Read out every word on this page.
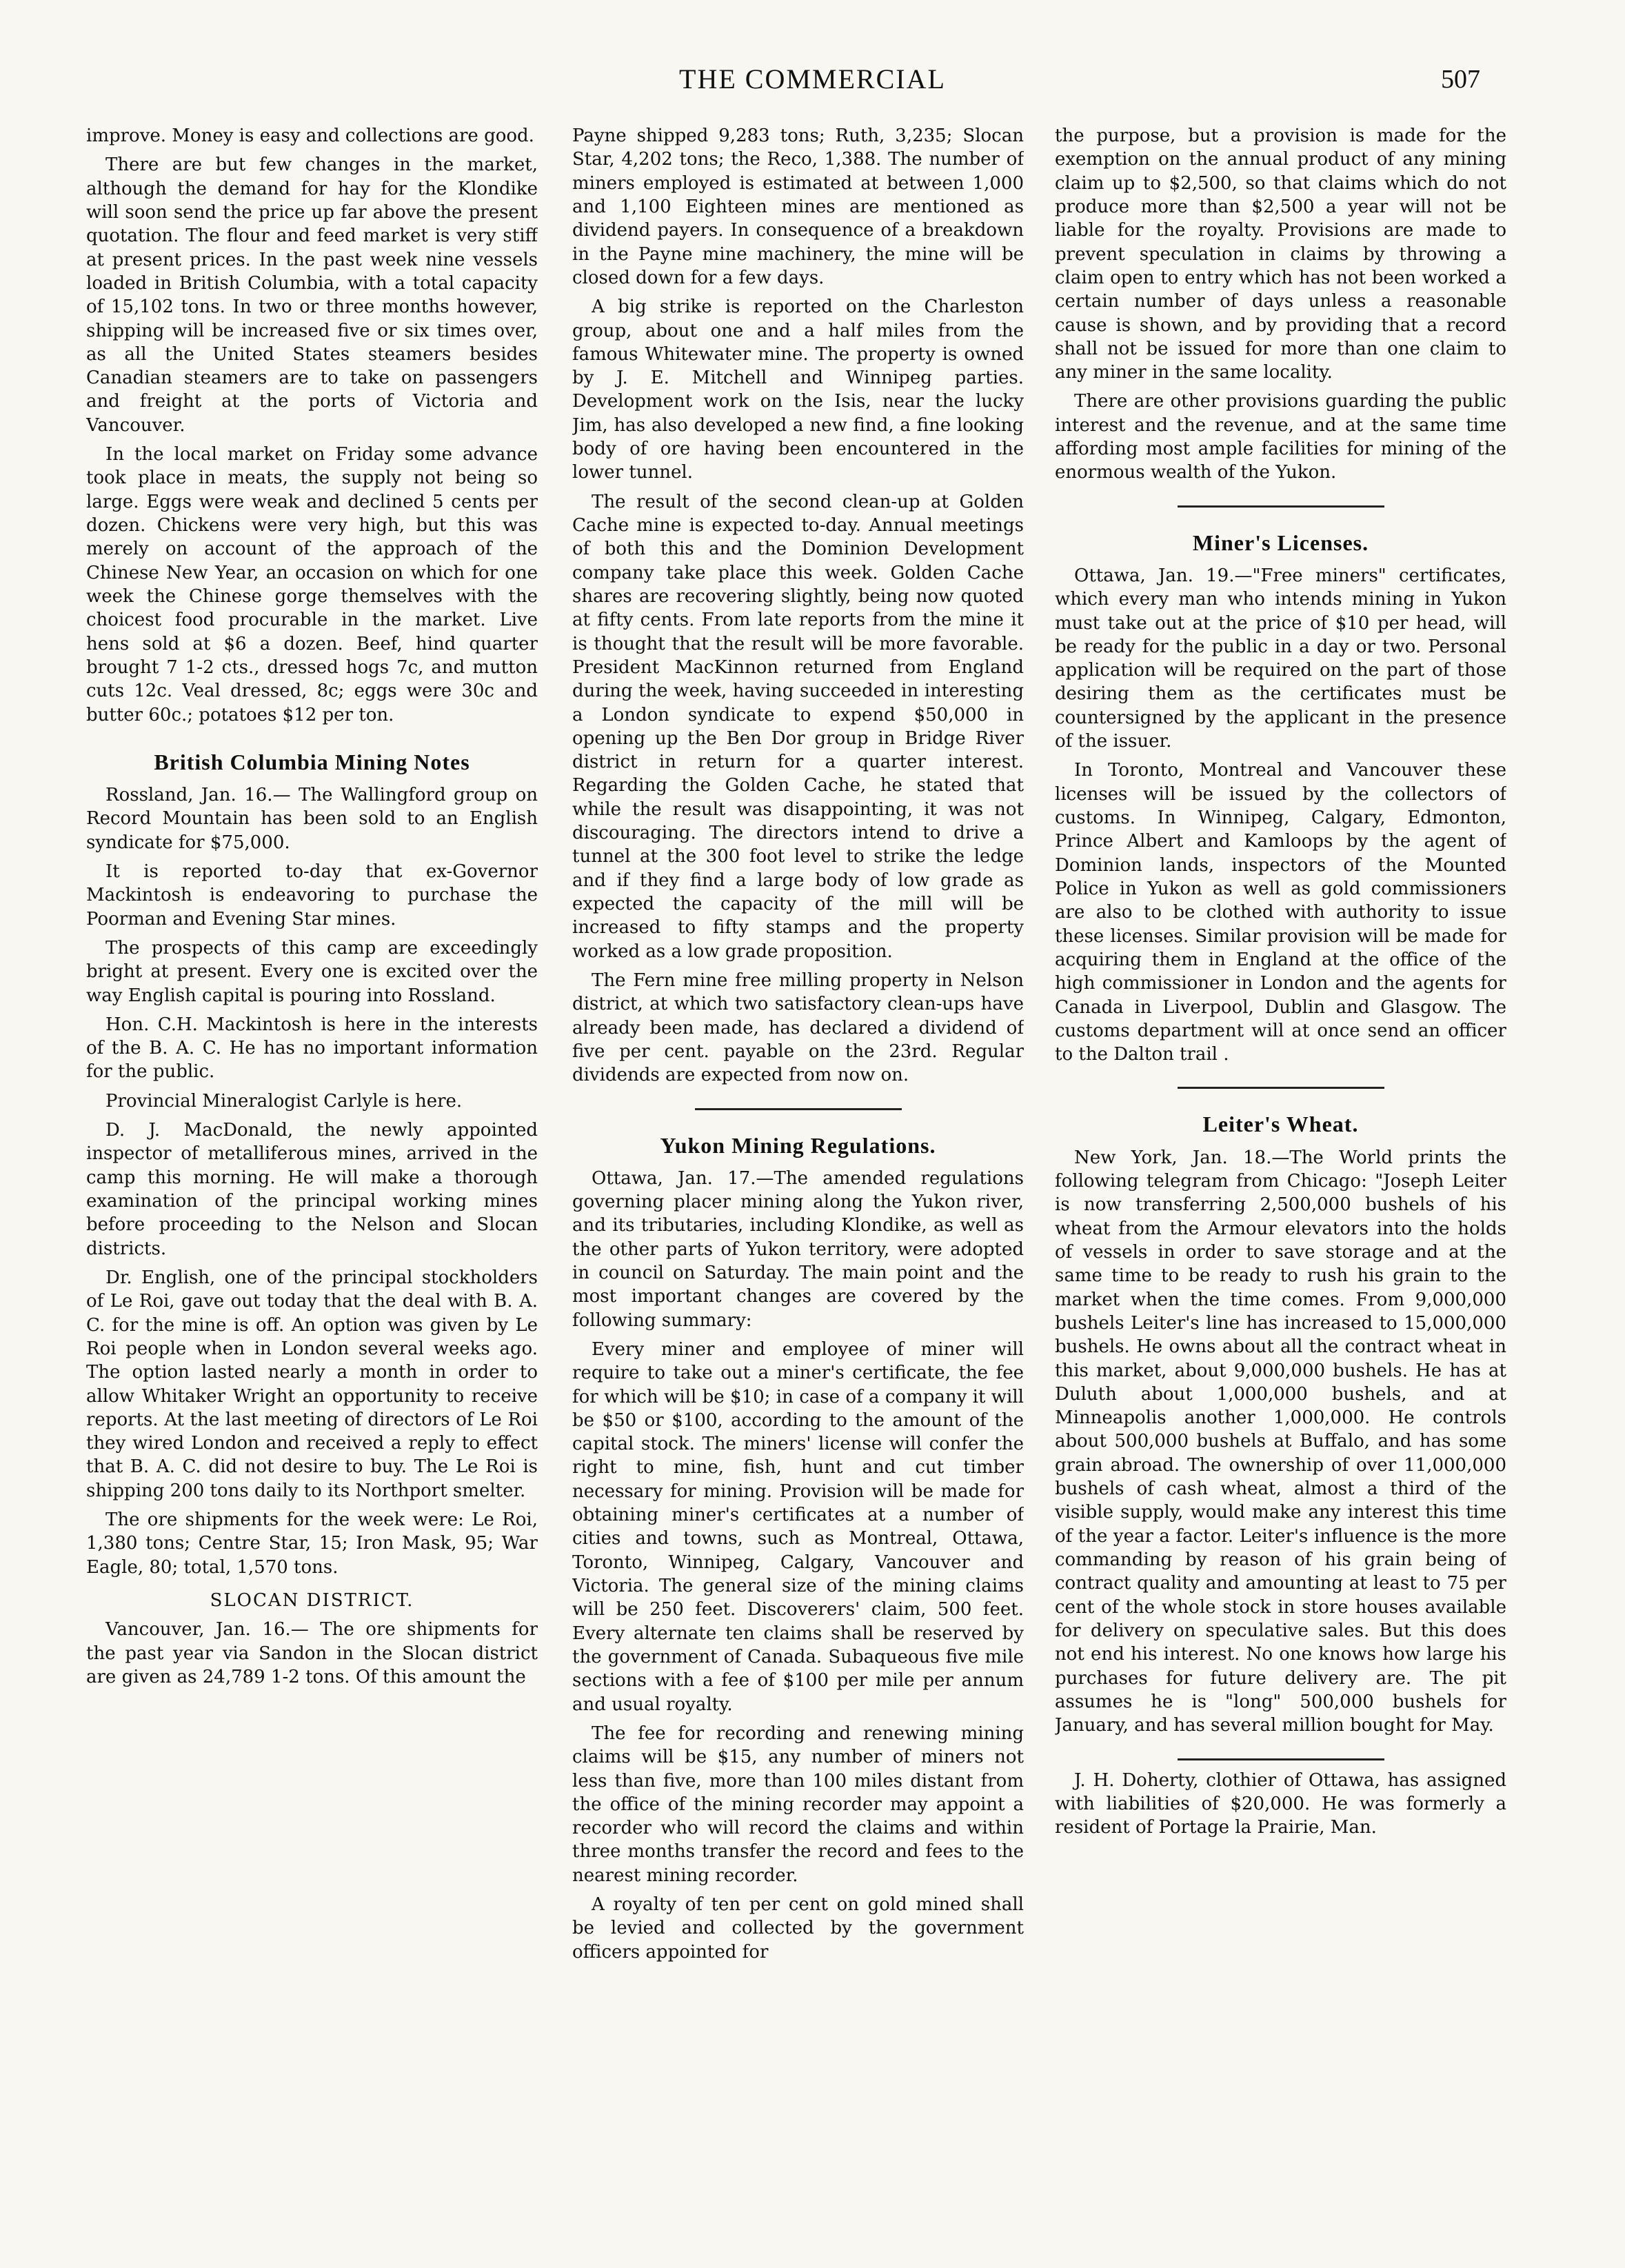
THE COMMERCIAL	507

improve. Money is easy and collections are good.

There are but few changes in the market, although the demand for hay for the Klondike will soon send the price up far above the present quotation. The flour and feed market is very stiff at present prices. In the past week nine vessels loaded in British Columbia, with a total capacity of 15,102 tons. In two or three months however, shipping will be increased five or six times over, as all the United States steamers besides Canadian steamers are to take on passengers and freight at the ports of Victoria and Vancouver.

In the local market on Friday some advance took place in meats, the supply not being so large. Eggs were weak and declined 5 cents per dozen. Chickens were very high, but this was merely on account of the approach of the Chinese New Year, an occasion on which for one week the Chinese gorge themselves with the choicest food procurable in the market. Live hens sold at $6 a dozen. Beef, hind quarter brought 7 1-2 cts., dressed hogs 7c, and mutton cuts 12c. Veal dressed, 8c; eggs were 30c and butter 60c.; potatoes $12 per ton.

British Columbia Mining Notes

Rossland, Jan. 16.— The Wallingford group on Record Mountain has been sold to an English syndicate for $75,000.

It is reported to-day that ex-Governor Mackintosh is endeavoring to purchase the Poorman and Evening Star mines.

The prospects of this camp are exceedingly bright at present. Every one is excited over the way English capital is pouring into Rossland.

Hon. C.H. Mackintosh is here in the interests of the B. A. C. He has no important information for the public.

Provincial Mineralogist Carlyle is here.

D. J. MacDonald, the newly appointed inspector of metalliferous mines, arrived in the camp this morning. He will make a thorough examination of the principal working mines before proceeding to the Nelson and Slocan districts.

Dr. English, one of the principal stockholders of Le Roi, gave out today that the deal with B. A. C. for the mine is off. An option was given by Le Roi people when in London several weeks ago. The option lasted nearly a month in order to allow Whitaker Wright an opportunity to receive reports. At the last meeting of directors of Le Roi they wired London and received a reply to effect that B. A. C. did not desire to buy. The Le Roi is shipping 200 tons daily to its Northport smelter.

The ore shipments for the week were: Le Roi, 1,380 tons; Centre Star, 15; Iron Mask, 95; War Eagle, 80; total, 1,570 tons.

SLOCAN DISTRICT.

Vancouver, Jan. 16.— The ore shipments for the past year via Sandon in the Slocan district are given as 24,789 1-2 tons. Of this amount the

Payne shipped 9,283 tons; Ruth, 3,235; Slocan Star, 4,202 tons; the Reco, 1,388. The number of miners employed is estimated at between 1,000 and 1,100 Eighteen mines are mentioned as dividend payers. In consequence of a breakdown in the Payne mine machinery, the mine will be closed down for a few days.

A big strike is reported on the Charleston group, about one and a half miles from the famous Whitewater mine. The property is owned by J. E. Mitchell and Winnipeg parties. Development work on the Isis, near the lucky Jim, has also developed a new find, a fine looking body of ore having been encountered in the lower tunnel.

The result of the second clean-up at Golden Cache mine is expected to-day. Annual meetings of both this and the Dominion Development company take place this week. Golden Cache shares are recovering slightly, being now quoted at fifty cents. From late reports from the mine it is thought that the result will be more favorable. President MacKinnon returned from England during the week, having succeeded in interesting a London syndicate to expend $50,000 in opening up the Ben Dor group in Bridge River district in return for a quarter interest. Regarding the Golden Cache, he stated that while the result was disappointing, it was not discouraging. The directors intend to drive a tunnel at the 300 foot level to strike the ledge and if they find a large body of low grade as expected the capacity of the mill will be increased to fifty stamps and the property worked as a low grade proposition.

The Fern mine free milling property in Nelson district, at which two satisfactory clean-ups have already been made, has declared a dividend of five per cent. payable on the 23rd. Regular dividends are expected from now on.

Yukon Mining Regulations.

Ottawa, Jan. 17.—The amended regulations governing placer mining along the Yukon river, and its tributaries, including Klondike, as well as the other parts of Yukon territory, were adopted in council on Saturday. The main point and the most important changes are covered by the following summary:

Every miner and employee of miner will require to take out a miner's certificate, the fee for which will be $10; in case of a company it will be $50 or $100, according to the amount of the capital stock. The miners' license will confer the right to mine, fish, hunt and cut timber necessary for mining. Provision will be made for obtaining miner's certificates at a number of cities and towns, such as Montreal, Ottawa, Toronto, Winnipeg, Calgary, Vancouver and Victoria. The general size of the mining claims will be 250 feet. Discoverers' claim, 500 feet. Every alternate ten claims shall be reserved by the government of Canada. Subaqueous five mile sections with a fee of $100 per mile per annum and usual royalty.

The fee for recording and renewing mining claims will be $15, any number of miners not less than five, more than 100 miles distant from the office of the mining recorder may appoint a recorder who will record the claims and within three months transfer the record and fees to the nearest mining recorder.

A royalty of ten per cent on gold mined shall be levied and collected by the government officers appointed for

the purpose, but a provision is made for the exemption on the annual product of any mining claim up to $2,500, so that claims which do not produce more than $2,500 a year will not be liable for the royalty. Provisions are made to prevent speculation in claims by throwing a claim open to entry which has not been worked a certain number of days unless a reasonable cause is shown, and by providing that a record shall not be issued for more than one claim to any miner in the same locality.

There are other provisions guarding the public interest and the revenue, and at the same time affording most ample facilities for mining of the enormous wealth of the Yukon.

Miner's Licenses.

Ottawa, Jan. 19.—"Free miners" certificates, which every man who intends mining in Yukon must take out at the price of $10 per head, will be ready for the public in a day or two. Personal application will be required on the part of those desiring them as the certificates must be countersigned by the applicant in the presence of the issuer.

In Toronto, Montreal and Vancouver these licenses will be issued by the collectors of customs. In Winnipeg, Calgary, Edmonton, Prince Albert and Kamloops by the agent of Dominion lands, inspectors of the Mounted Police in Yukon as well as gold commissioners are also to be clothed with authority to issue these licenses. Similar provision will be made for acquiring them in England at the office of the high commissioner in London and the agents for Canada in Liverpool, Dublin and Glasgow. The customs department will at once send an officer to the Dalton trail .

Leiter's Wheat.

New York, Jan. 18.—The World prints the following telegram from Chicago: "Joseph Leiter is now transferring 2,500,000 bushels of his wheat from the Armour elevators into the holds of vessels in order to save storage and at the same time to be ready to rush his grain to the market when the time comes. From 9,000,000 bushels Leiter's line has increased to 15,000,000 bushels. He owns about all the contract wheat in this market, about 9,000,000 bushels. He has at Duluth about 1,000,000 bushels, and at Minneapolis another 1,000,000. He controls about 500,000 bushels at Buffalo, and has some grain abroad. The ownership of over 11,000,000 bushels of cash wheat, almost a third of the visible supply, would make any interest this time of the year a factor. Leiter's influence is the more commanding by reason of his grain being of contract quality and amounting at least to 75 per cent of the whole stock in store houses available for delivery on speculative sales. But this does not end his interest. No one knows how large his purchases for future delivery are. The pit assumes he is "long" 500,000 bushels for January, and has several million bought for May.

J. H. Doherty, clothier of Ottawa, has assigned with liabilities of $20,000. He was formerly a resident of Portage la Prairie, Man.
